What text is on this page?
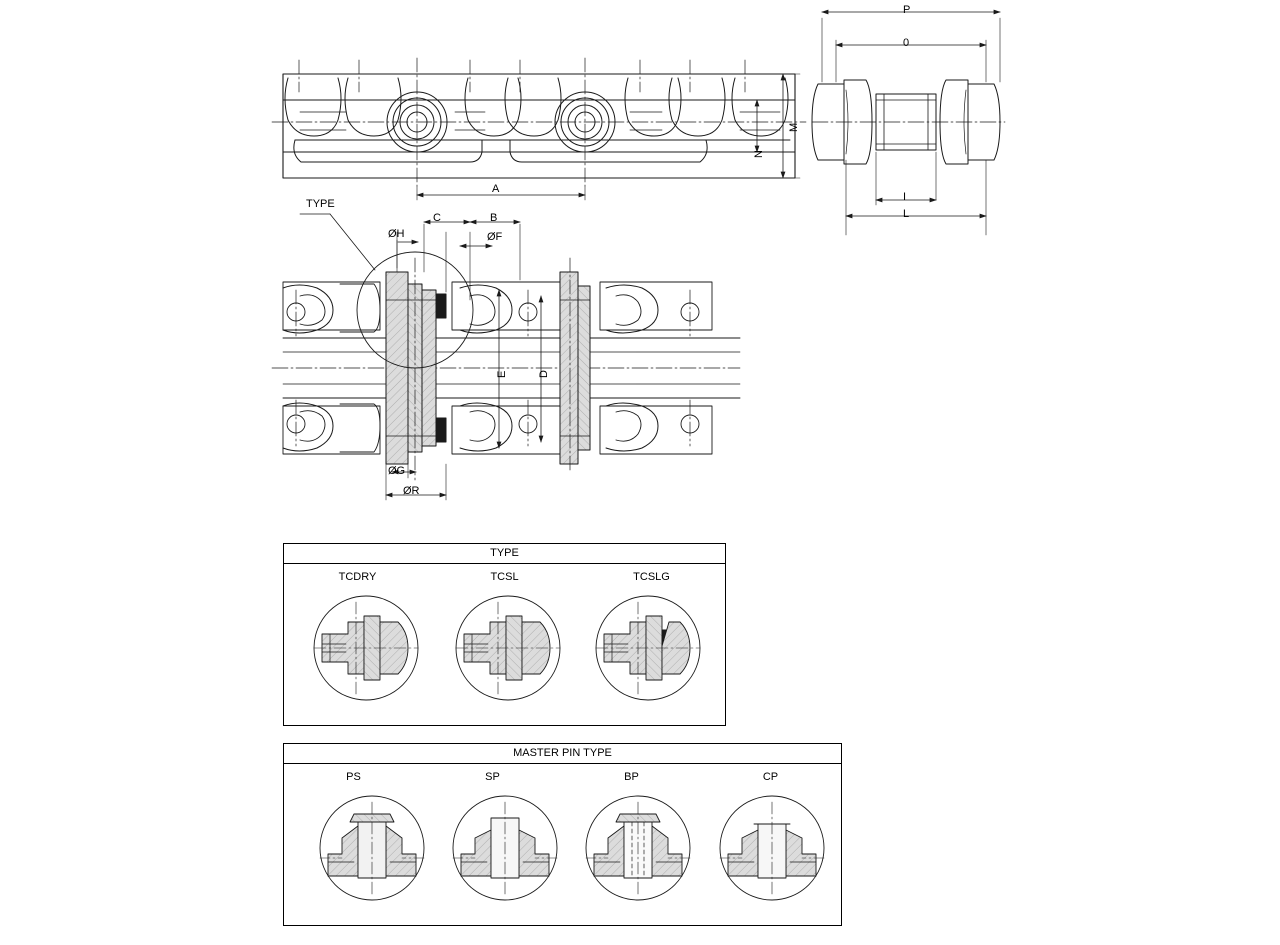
A
M
N
P
0
I
L
TYPE
C	B
ØH	ØF
E	D
ØG
ØR
TYPE
TCDRY	TCSL	TCSLG
MASTER PIN TYPE
PS	SP	BP	CP
